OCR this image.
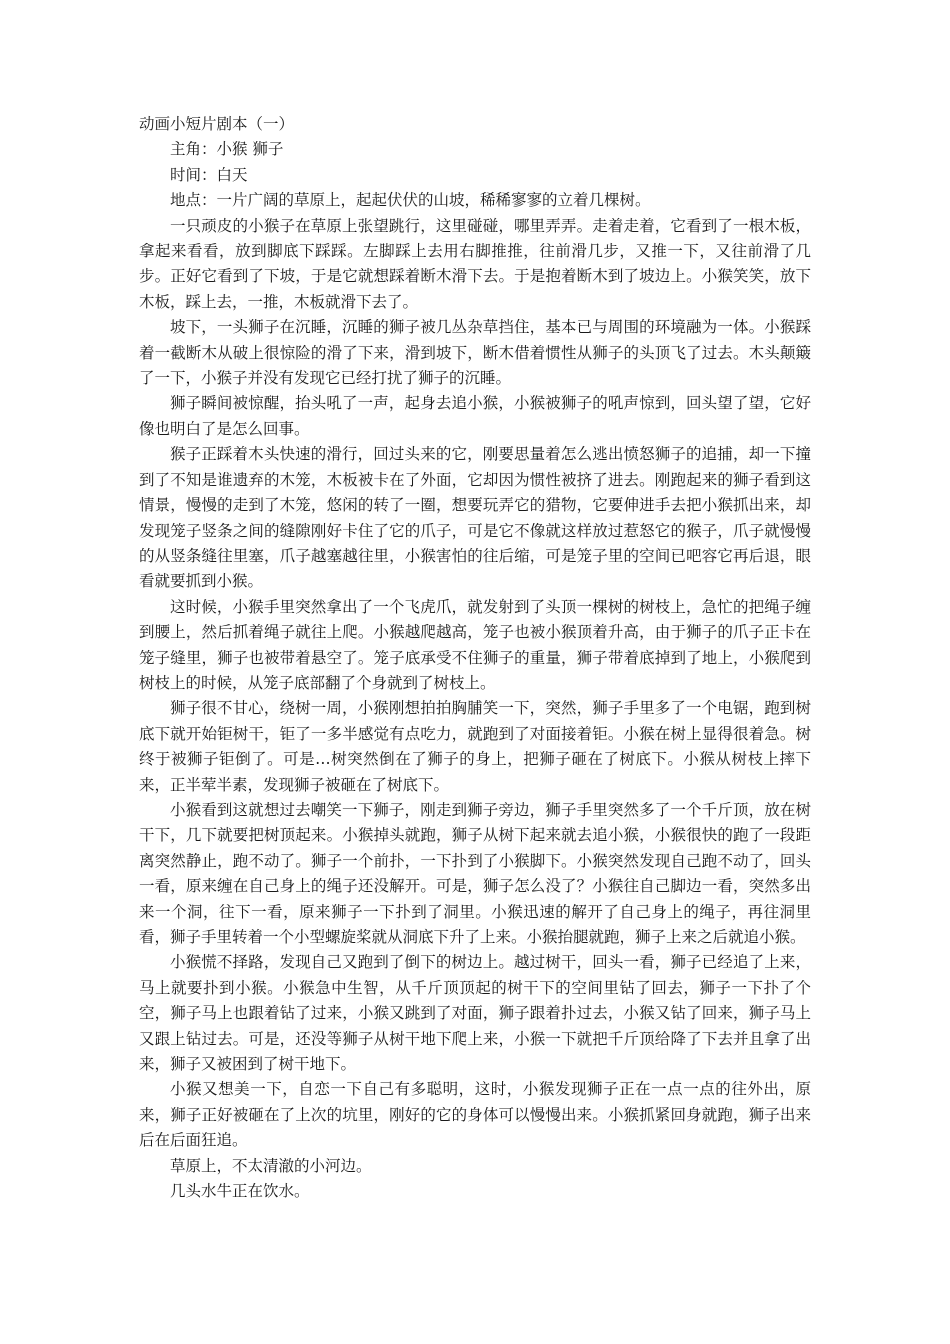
动画小短片剧本（一）

主角：小猴 狮子

时间：白天

地点：一片广阔的草原上，起起伏伏的山坡，稀稀寥寥的立着几棵树。

一只顽皮的小猴子在草原上张望跳行，这里碰碰，哪里弄弄。走着走着，它看到了一根木板，拿起来看看，放到脚底下踩踩。左脚踩上去用右脚推推，往前滑几步，又推一下，又往前滑了几步。正好它看到了下坡，于是它就想踩着断木滑下去。于是抱着断木到了坡边上。小猴笑笑，放下木板，踩上去，一推，木板就滑下去了。

坡下，一头狮子在沉睡，沉睡的狮子被几丛杂草挡住，基本已与周围的环境融为一体。小猴踩着一截断木从破上很惊险的滑了下来，滑到坡下，断木借着惯性从狮子的头顶飞了过去。木头颠簸了一下，小猴子并没有发现它已经打扰了狮子的沉睡。

狮子瞬间被惊醒，抬头吼了一声，起身去追小猴，小猴被狮子的吼声惊到，回头望了望，它好像也明白了是怎么回事。

猴子正踩着木头快速的滑行，回过头来的它，刚要思量着怎么逃出愤怒狮子的追捕，却一下撞到了不知是谁遗弃的木笼，木板被卡在了外面，它却因为惯性被挤了进去。刚跑起来的狮子看到这情景，慢慢的走到了木笼，悠闲的转了一圈，想要玩弄它的猎物，它要伸进手去把小猴抓出来，却发现笼子竖条之间的缝隙刚好卡住了它的爪子，可是它不像就这样放过惹怒它的猴子，爪子就慢慢的从竖条缝往里塞，爪子越塞越往里，小猴害怕的往后缩，可是笼子里的空间已吧容它再后退，眼看就要抓到小猴。

这时候，小猴手里突然拿出了一个飞虎爪，就发射到了头顶一棵树的树枝上，急忙的把绳子缠到腰上，然后抓着绳子就往上爬。小猴越爬越高，笼子也被小猴顶着升高，由于狮子的爪子正卡在笼子缝里，狮子也被带着悬空了。笼子底承受不住狮子的重量，狮子带着底掉到了地上，小猴爬到树枝上的时候，从笼子底部翻了个身就到了树枝上。

狮子很不甘心，绕树一周，小猴刚想拍拍胸脯笑一下，突然，狮子手里多了一个电锯，跑到树底下就开始钜树干，钜了一多半感觉有点吃力，就跑到了对面接着钜。小猴在树上显得很着急。树终于被狮子钜倒了。可是…树突然倒在了狮子的身上，把狮子砸在了树底下。小猴从树枝上摔下来，正半荤半素，发现狮子被砸在了树底下。

小猴看到这就想过去嘲笑一下狮子，刚走到狮子旁边，狮子手里突然多了一个千斤顶，放在树干下，几下就要把树顶起来。小猴掉头就跑，狮子从树下起来就去追小猴，小猴很快的跑了一段距离突然静止，跑不动了。狮子一个前扑，一下扑到了小猴脚下。小猴突然发现自己跑不动了，回头一看，原来缠在自己身上的绳子还没解开。可是，狮子怎么没了？小猴往自己脚边一看，突然多出来一个洞，往下一看，原来狮子一下扑到了洞里。小猴迅速的解开了自己身上的绳子，再往洞里看，狮子手里转着一个小型螺旋桨就从洞底下升了上来。小猴抬腿就跑，狮子上来之后就追小猴。

小猴慌不择路，发现自己又跑到了倒下的树边上。越过树干，回头一看，狮子已经追了上来，马上就要扑到小猴。小猴急中生智，从千斤顶顶起的树干下的空间里钻了回去，狮子一下扑了个空，狮子马上也跟着钻了过来，小猴又跳到了对面，狮子跟着扑过去，小猴又钻了回来，狮子马上又跟上钻过去。可是，还没等狮子从树干地下爬上来，小猴一下就把千斤顶给降了下去并且拿了出来，狮子又被困到了树干地下。

小猴又想美一下，自恋一下自己有多聪明，这时，小猴发现狮子正在一点一点的往外出，原来，狮子正好被砸在了上次的坑里，刚好的它的身体可以慢慢出来。小猴抓紧回身就跑，狮子出来后在后面狂追。

草原上，不太清澈的小河边。

几头水牛正在饮水。
